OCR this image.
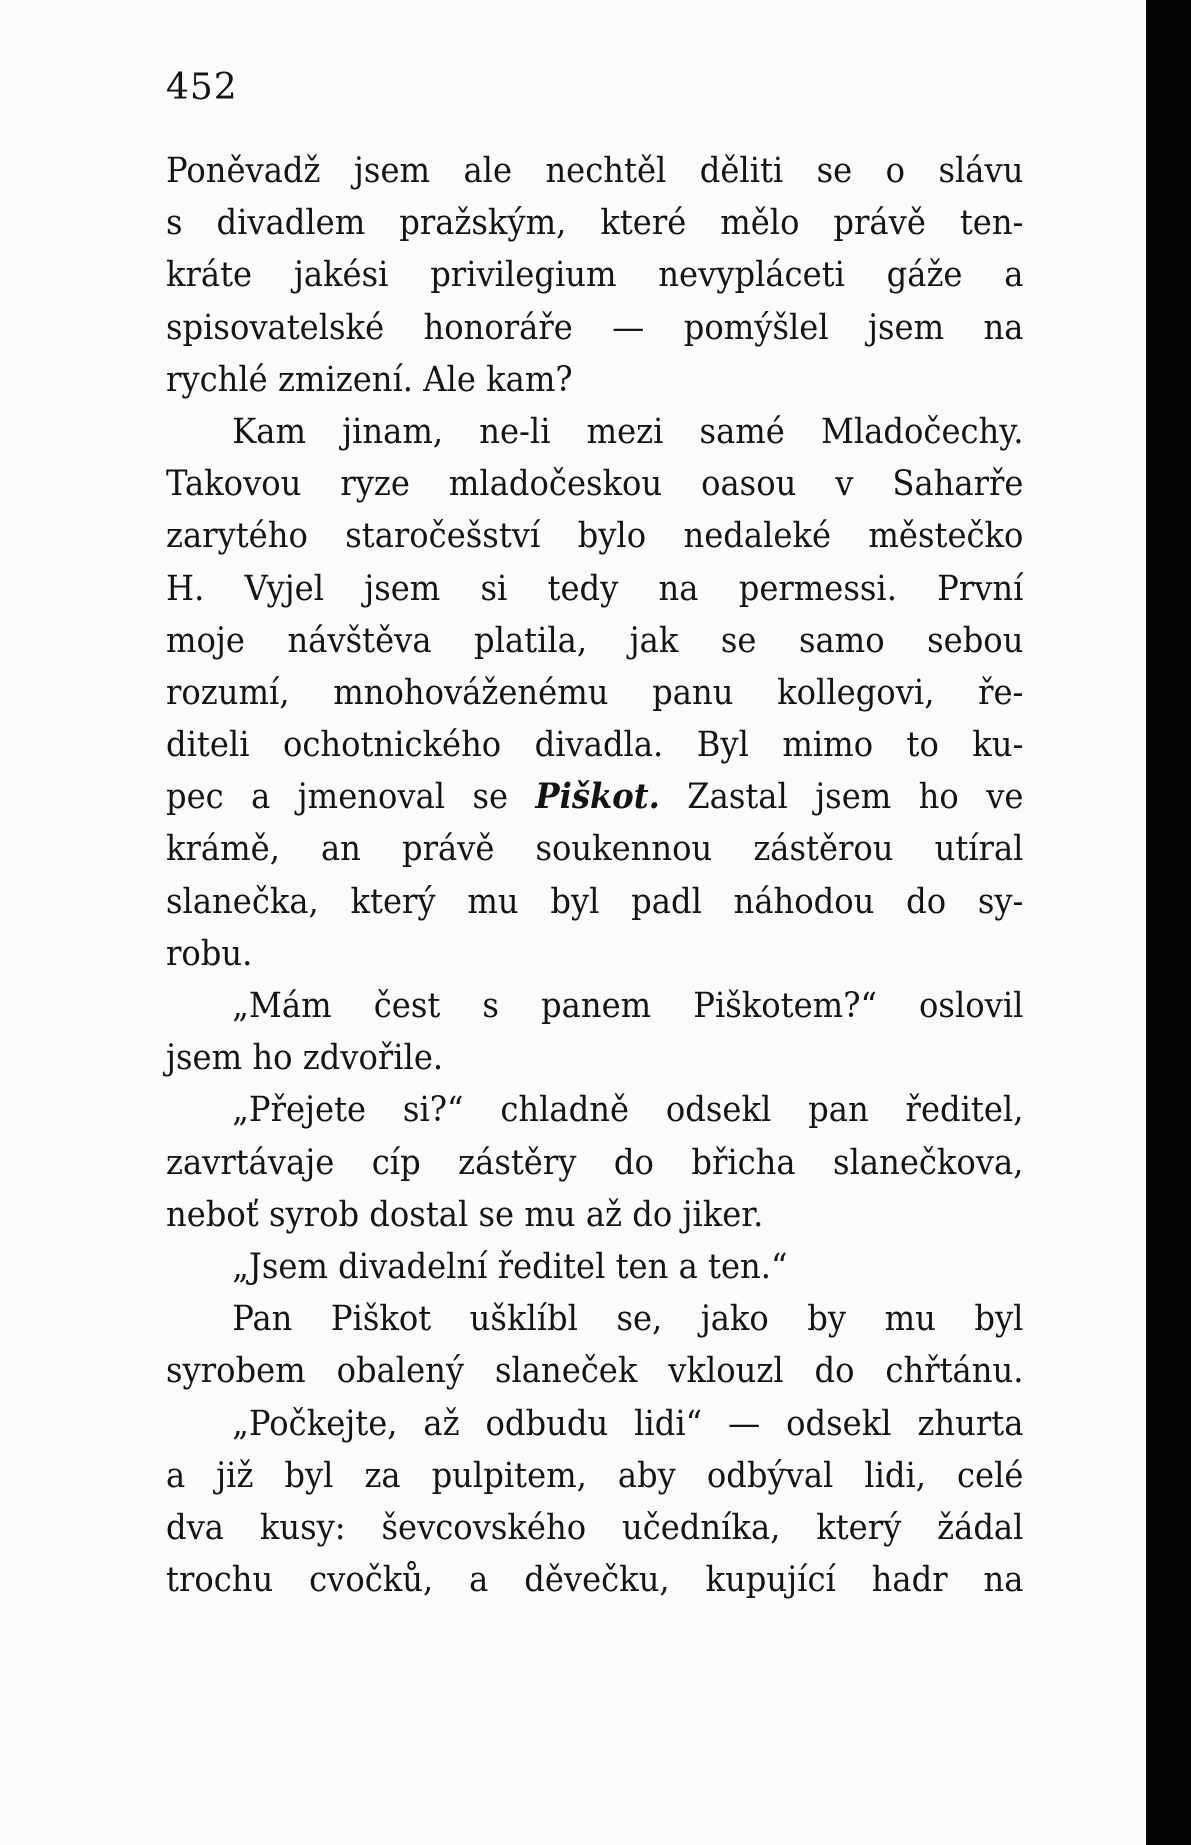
452
Poněvadž jsem ale nechtěl děliti se o slávu
s divadlem pražským, které mělo právě ten-
kráte jakési privilegium nevypláceti gáže a
spisovatelské honoráře — pomýšlel jsem na
rychlé zmizení. Ale kam?
Kam jinam, ne-li mezi samé Mladočechy.
Takovou ryze mladočeskou oasou v Saharře
zarytého staročešství bylo nedaleké městečko
H. Vyjel jsem si tedy na permessi. První
moje návštěva platila, jak se samo sebou
rozumí, mnohováženému panu kollegovi, ře-
diteli ochotnického divadla. Byl mimo to ku-
pec a jmenoval se Piškot. Zastal jsem ho ve
krámě, an právě soukennou zástěrou utíral
slanečka, který mu byl padl náhodou do sy-
robu.
„Mám čest s panem Piškotem?“ oslovil
jsem ho zdvořile.
„Přejete si?“ chladně odsekl pan ředitel,
zavrtávaje cíp zástěry do břicha slanečkova,
neboť syrob dostal se mu až do jiker.
„Jsem divadelní ředitel ten a ten.“
Pan Piškot ušklíbl se, jako by mu byl
syrobem obalený slaneček vklouzl do chřtánu.
„Počkejte, až odbudu lidi“ — odsekl zhurta
a již byl za pulpitem, aby odbýval lidi, celé
dva kusy: ševcovského učedníka, který žádal
trochu cvočků, a děvečku, kupující hadr na
